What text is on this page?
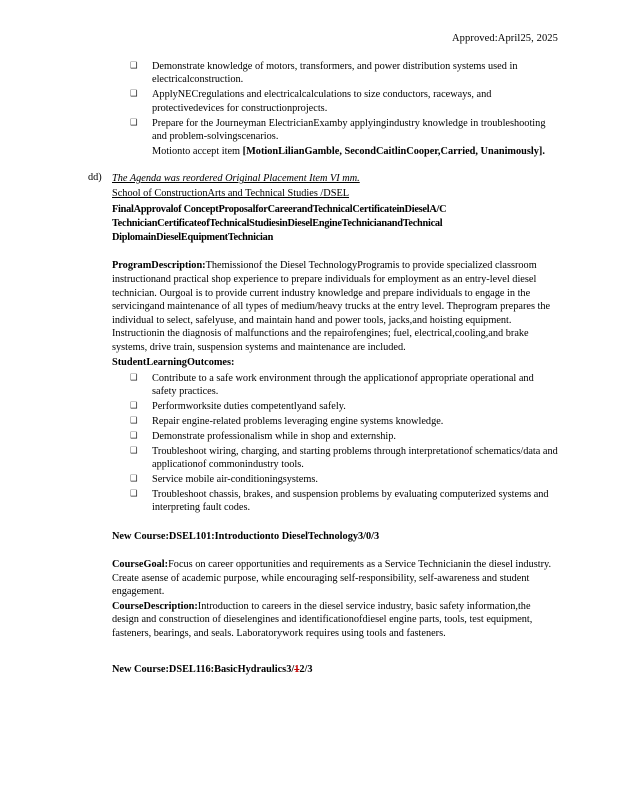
Approved:April25, 2025
❑ Demonstrate knowledge of motors, transformers, and power distribution systems used in electricalconstruction.
❑ ApplyNECregulations and electricalcalculations to size conductors, raceways, and protectivedevices for constructionprojects.
❑ Prepare for the Journeyman ElectricianExamby applyingindustry knowledge in troubleshooting and problem-solvingscenarios.
Motionto accept item [MotionLilianGamble, SecondCaitlinCooper,Carried, Unanimously].
dd) The Agenda was reordered Original Placement Item VI mm.
School of ConstructionArts and Technical Studies /DSEL
FinalApprovalof ConceptProposalforCareerandTechnicalCertificateinDieselA/C TechnicianCertificateofTechnicalStudiesinDieselEngineTechnicianandTechnical DiplomainDieselEquipmentTechnician
ProgramDescription:Themissionof the Diesel TechnologyProgramis to provide specialized classroom instructionand practical shop experience to prepare individuals for employment as an entry-level diesel technician. Ourgoal is to provide current industry knowledge and prepare individuals to engage in the servicingand maintenance of all types of medium/heavy trucks at the entry level. Theprogram prepares the individual to select, safelyuse, and maintain hand and power tools, jacks,and hoisting equipment. Instructionin the diagnosis of malfunctions and the repairofengines; fuel, electrical,cooling,and brake systems, drive train, suspension systems and maintenance are included.
StudentLearningOutcomes:
❑ Contribute to a safe work environment through the applicationof appropriate operational and safety practices.
❑ Performworksite duties competentlyand safely.
❑ Repair engine-related problems leveraging engine systems knowledge.
❑ Demonstrate professionalism while in shop and externship.
❑ Troubleshoot wiring, charging, and starting problems through interpretationof schematics/data and applicationof commonindustry tools.
❑ Service mobile air-conditioningsystems.
❑ Troubleshoot chassis, brakes, and suspension problems by evaluating computerized systems and interpreting fault codes.
New Course:DSEL101:Introductionto DieselTechnology3/0/3
CourseGoal:Focus on career opportunities and requirements as a Service Technicianin the diesel industry. Create asense of academic purpose, while encouraging self-responsibility, self-awareness and student engagement.
CourseDescription:Introduction to careers in the diesel service industry, basic safety information,the design and construction of dieselengines and identificationofdiesel engine parts, tools, test equipment, fasteners, bearings, and seals. Laboratorywork requires using tools and fasteners.
New Course:DSEL116:BasicHydraulics3/12/3
